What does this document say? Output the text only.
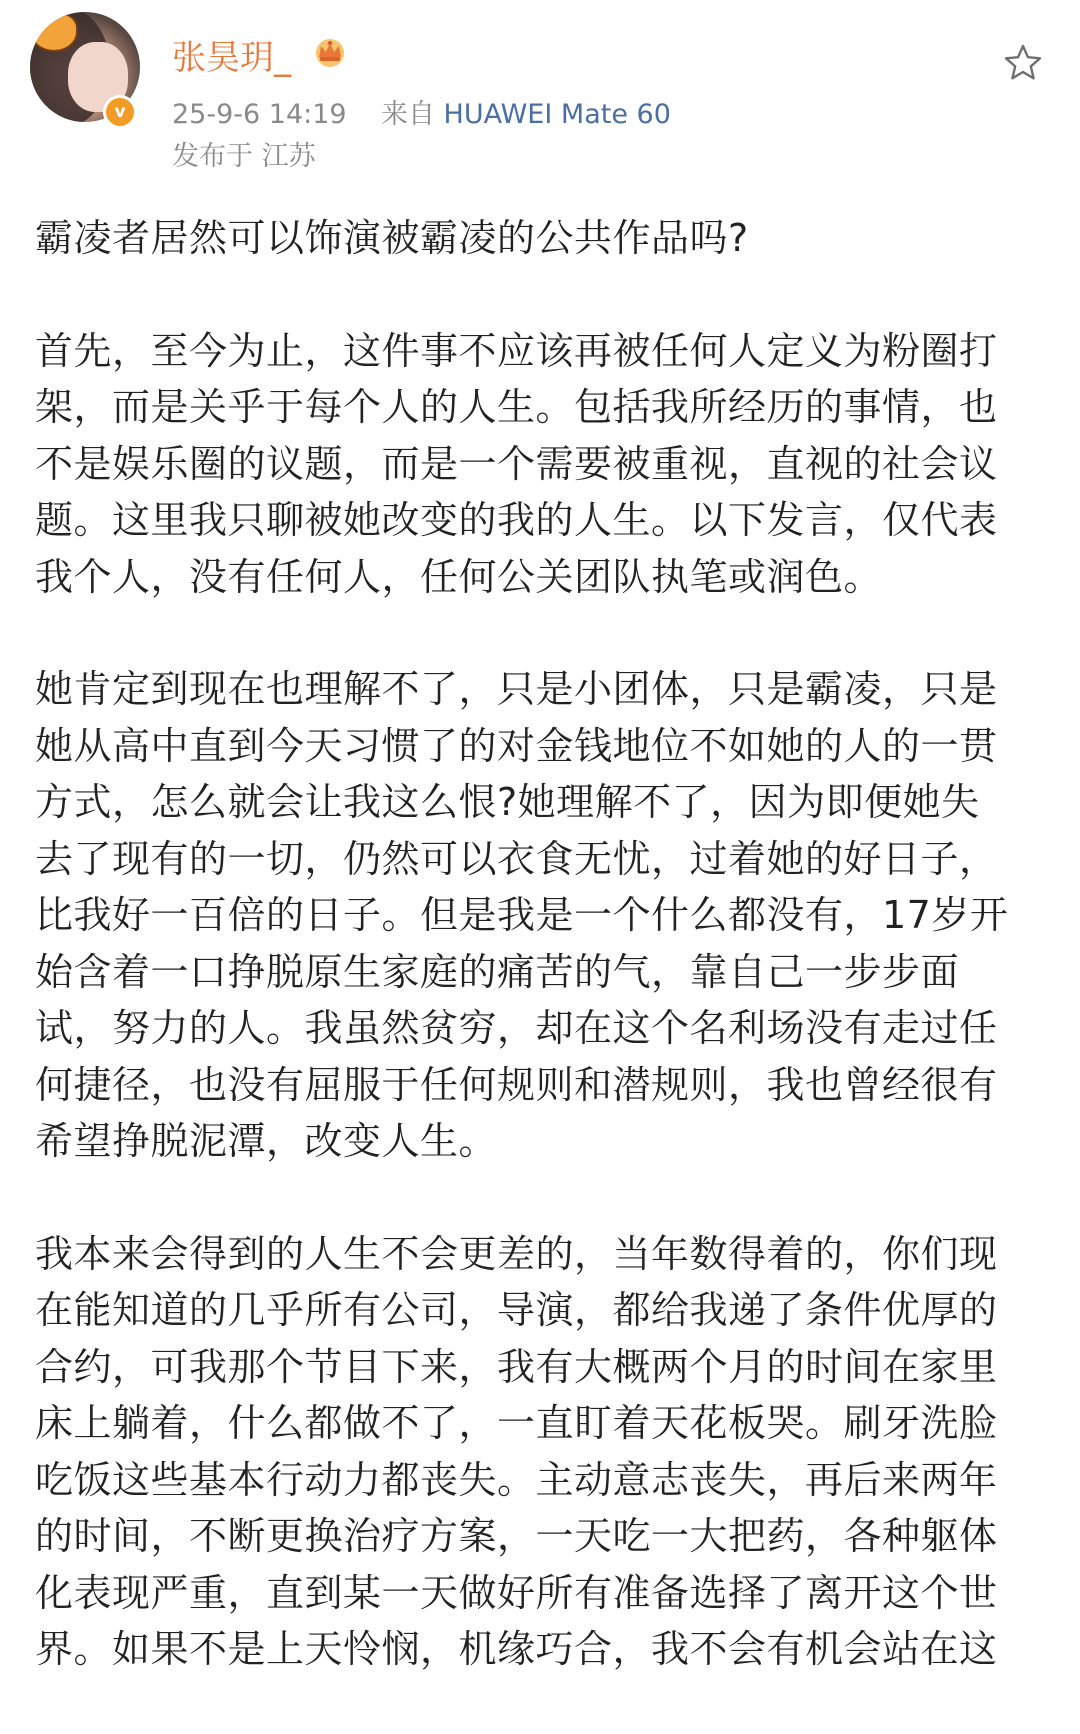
v
张昊玥_
25-9-6 14:19 来自 HUAWEI Mate 60
发布于 江苏

霸凌者居然可以饰演被霸凌的公共作品吗?

首先，至今为止，这件事不应该再被任何人定义为粉圈打架，而是关乎于每个人的人生。包括我所经历的事情，也不是娱乐圈的议题，而是一个需要被重视，直视的社会议题。这里我只聊被她改变的我的人生。以下发言，仅代表我个人，没有任何人，任何公关团队执笔或润色。

她肯定到现在也理解不了，只是小团体，只是霸凌，只是她从高中直到今天习惯了的对金钱地位不如她的人的一贯方式，怎么就会让我这么恨?她理解不了，因为即便她失去了现有的一切，仍然可以衣食无忧，过着她的好日子，比我好一百倍的日子。但是我是一个什么都没有，17岁开始含着一口挣脱原生家庭的痛苦的气，靠自己一步步面试，努力的人。我虽然贫穷，却在这个名利场没有走过任何捷径，也没有屈服于任何规则和潜规则，我也曾经很有希望挣脱泥潭，改变人生。

我本来会得到的人生不会更差的，当年数得着的，你们现在能知道的几乎所有公司，导演，都给我递了条件优厚的合约，可我那个节目下来，我有大概两个月的时间在家里床上躺着，什么都做不了，一直盯着天花板哭。刷牙洗脸吃饭这些基本行动力都丧失。主动意志丧失，再后来两年的时间，不断更换治疗方案，一天吃一大把药，各种躯体化表现严重，直到某一天做好所有准备选择了离开这个世界。如果不是上天怜悯，机缘巧合，我不会有机会站在这
